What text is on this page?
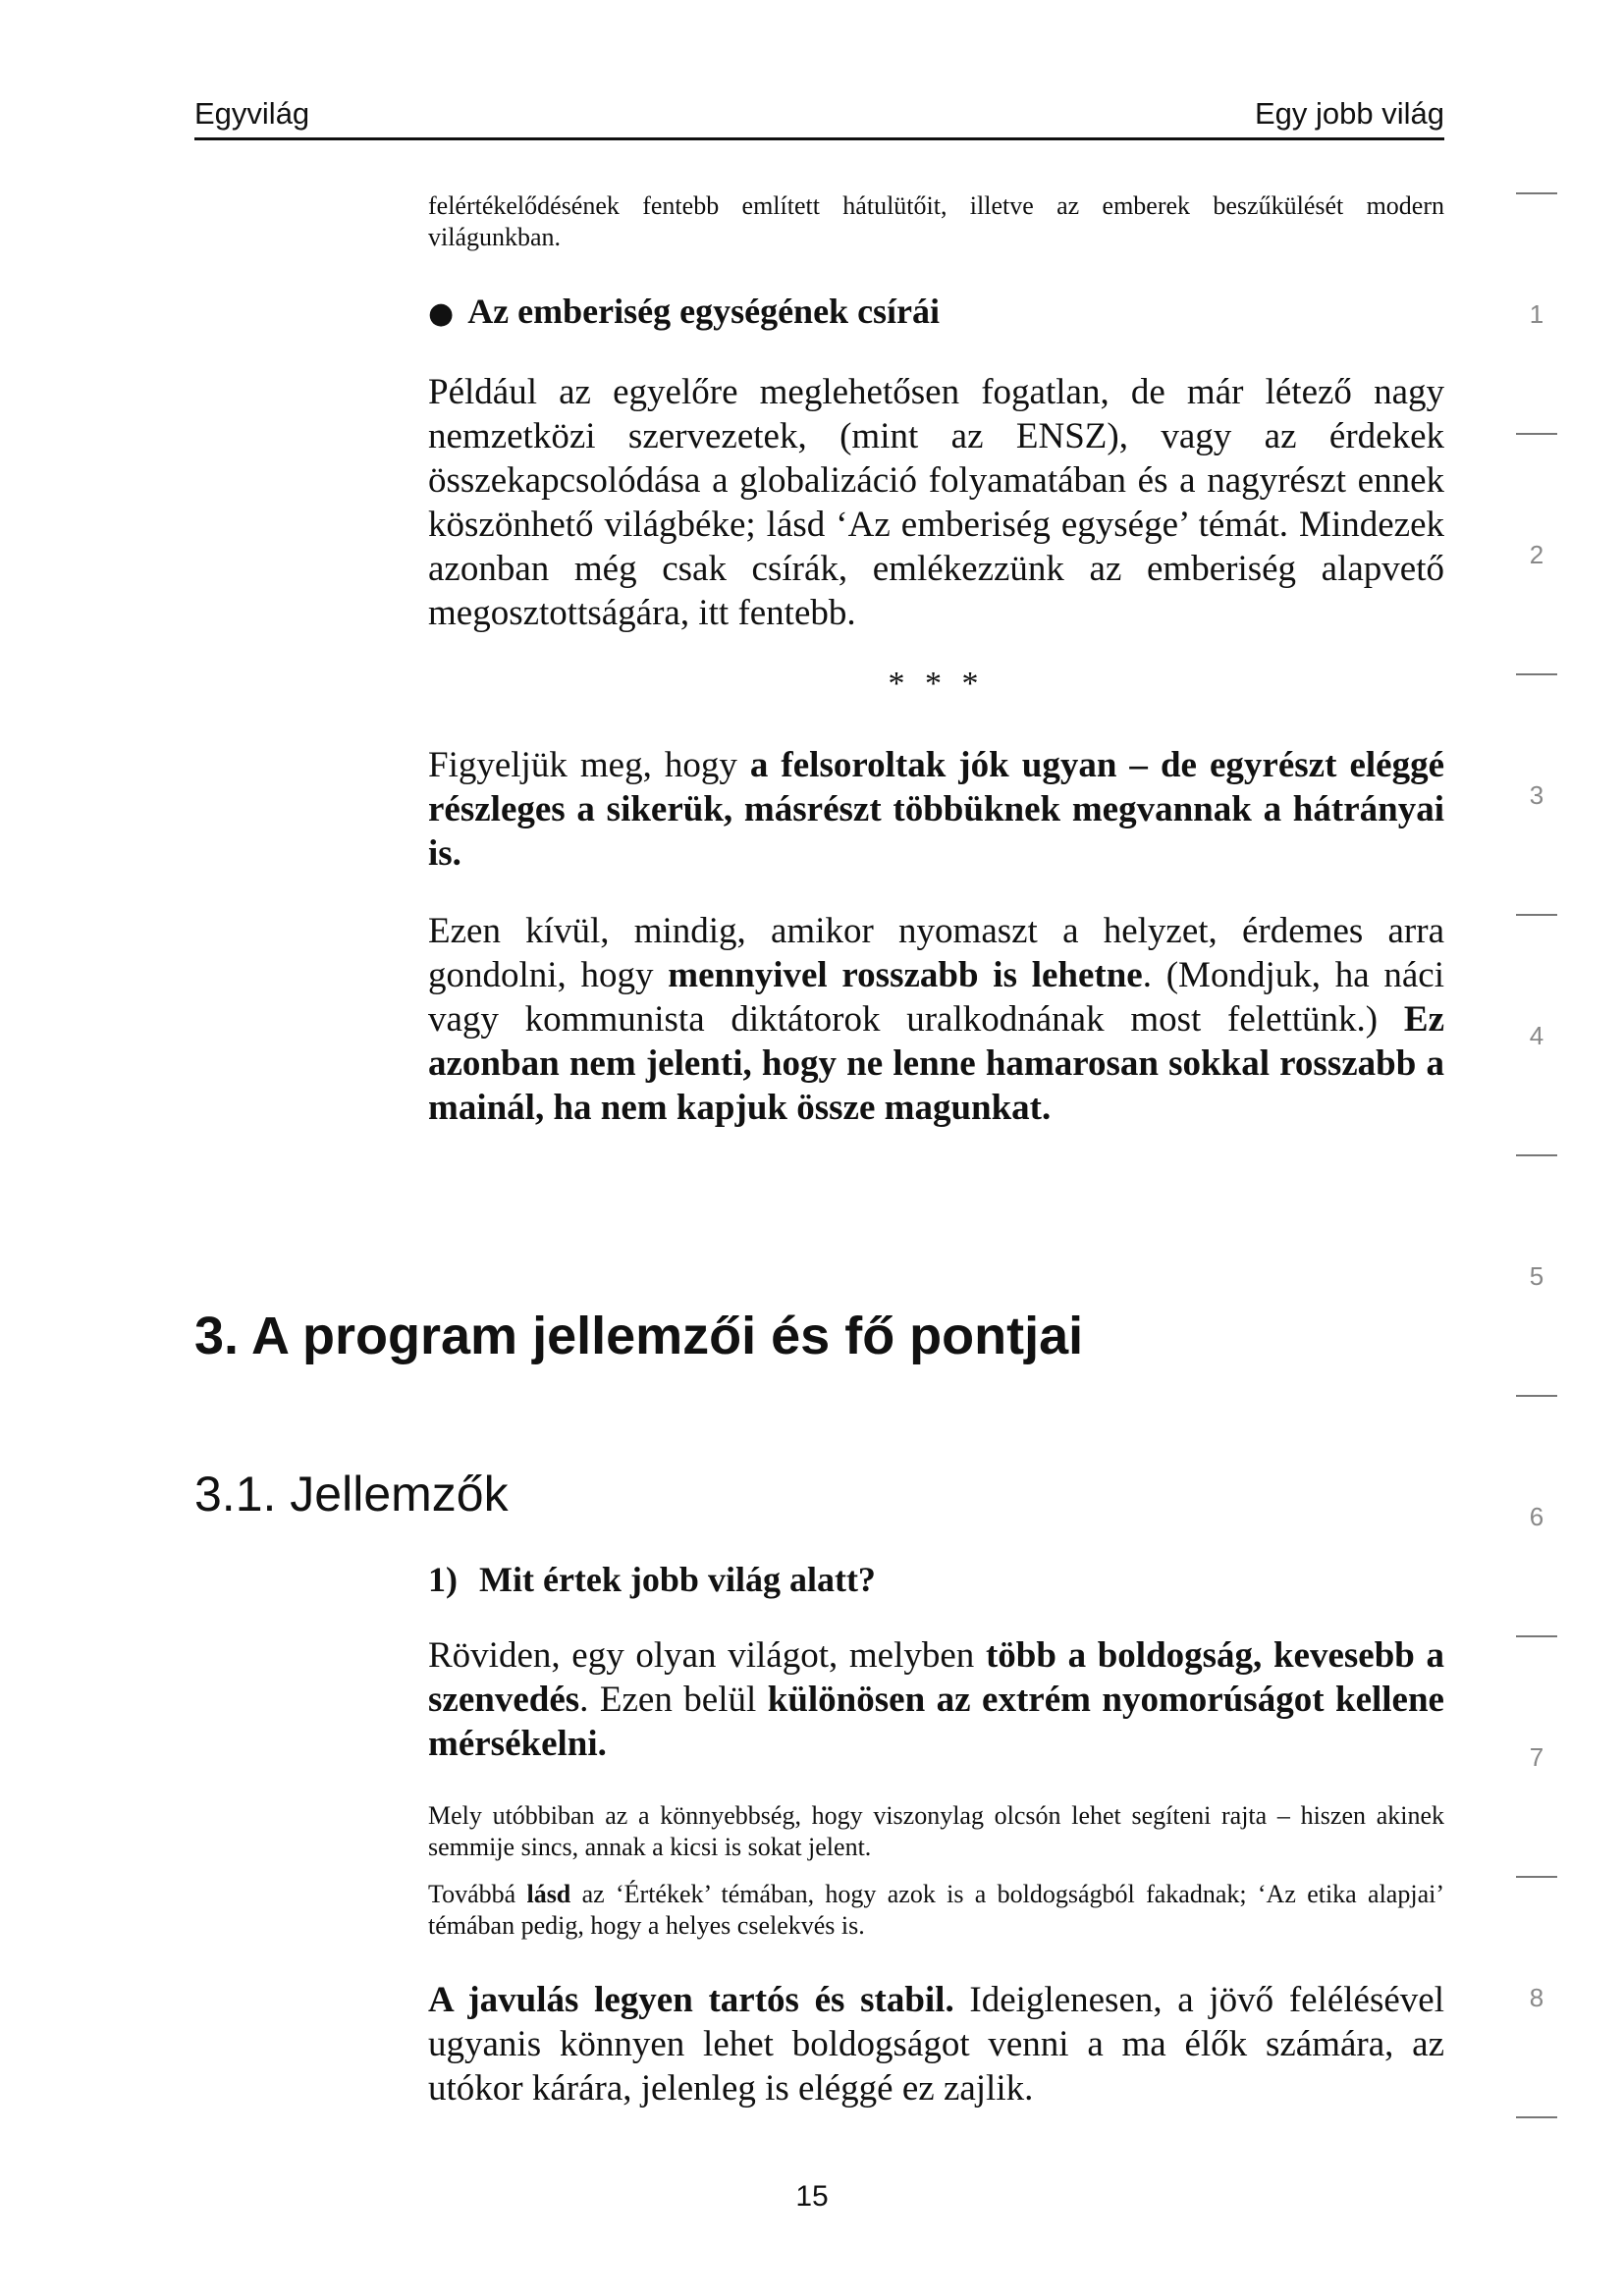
Egyvilág	Egy jobb világ
felértékelődésének fentebb említett hátulütőit, illetve az emberek beszűkülését modern világunkban.
● Az emberiség egységének csírái
Például az egyelőre meglehetősen fogatlan, de már létező nagy nemzetközi szervezetek, (mint az ENSZ), vagy az érdekek összekapcsolódása a globalizáció folyamatában és a nagyrészt ennek köszönhető világbéke; lásd ‘Az emberiség egysége’ témát. Mindezek azonban még csak csírák, emlékezzünk az emberiség alapvető megosztottságára, itt fentebb.
* * *
Figyeljük meg, hogy a felsoroltak jók ugyan – de egyrészt eléggé részleges a sikerük, másrészt többüknek megvannak a hátrányai is.
Ezen kívül, mindig, amikor nyomaszt a helyzet, érdemes arra gondolni, hogy mennyivel rosszabb is lehetne. (Mondjuk, ha náci vagy kommunista diktátorok uralkodnának most felettünk.) Ez azonban nem jelenti, hogy ne lenne hamarosan sokkal rosszabb a mainál, ha nem kapjuk össze magunkat.
3. A program jellemzői és fő pontjai
3.1. Jellemzők
1) Mit értek jobb világ alatt?
Röviden, egy olyan világot, melyben több a boldogság, kevesebb a szenvedés. Ezen belül különösen az extrém nyomorúságot kellene mérsékelni.
Mely utóbbiban az a könnyebbség, hogy viszonylag olcsón lehet segíteni rajta – hiszen akinek semmije sincs, annak a kicsi is sokat jelent.
Továbbá lásd az ‘Értékek’ témában, hogy azok is a boldogságból fakadnak; ‘Az etika alapjai’ témában pedig, hogy a helyes cselekvés is.
A javulás legyen tartós és stabil. Ideiglenesen, a jövő felélésével ugyanis könnyen lehet boldogságot venni a ma élők számára, az utókor kárára, jelenleg is eléggé ez zajlik.
15
1
2
3
4
5
6
7
8
